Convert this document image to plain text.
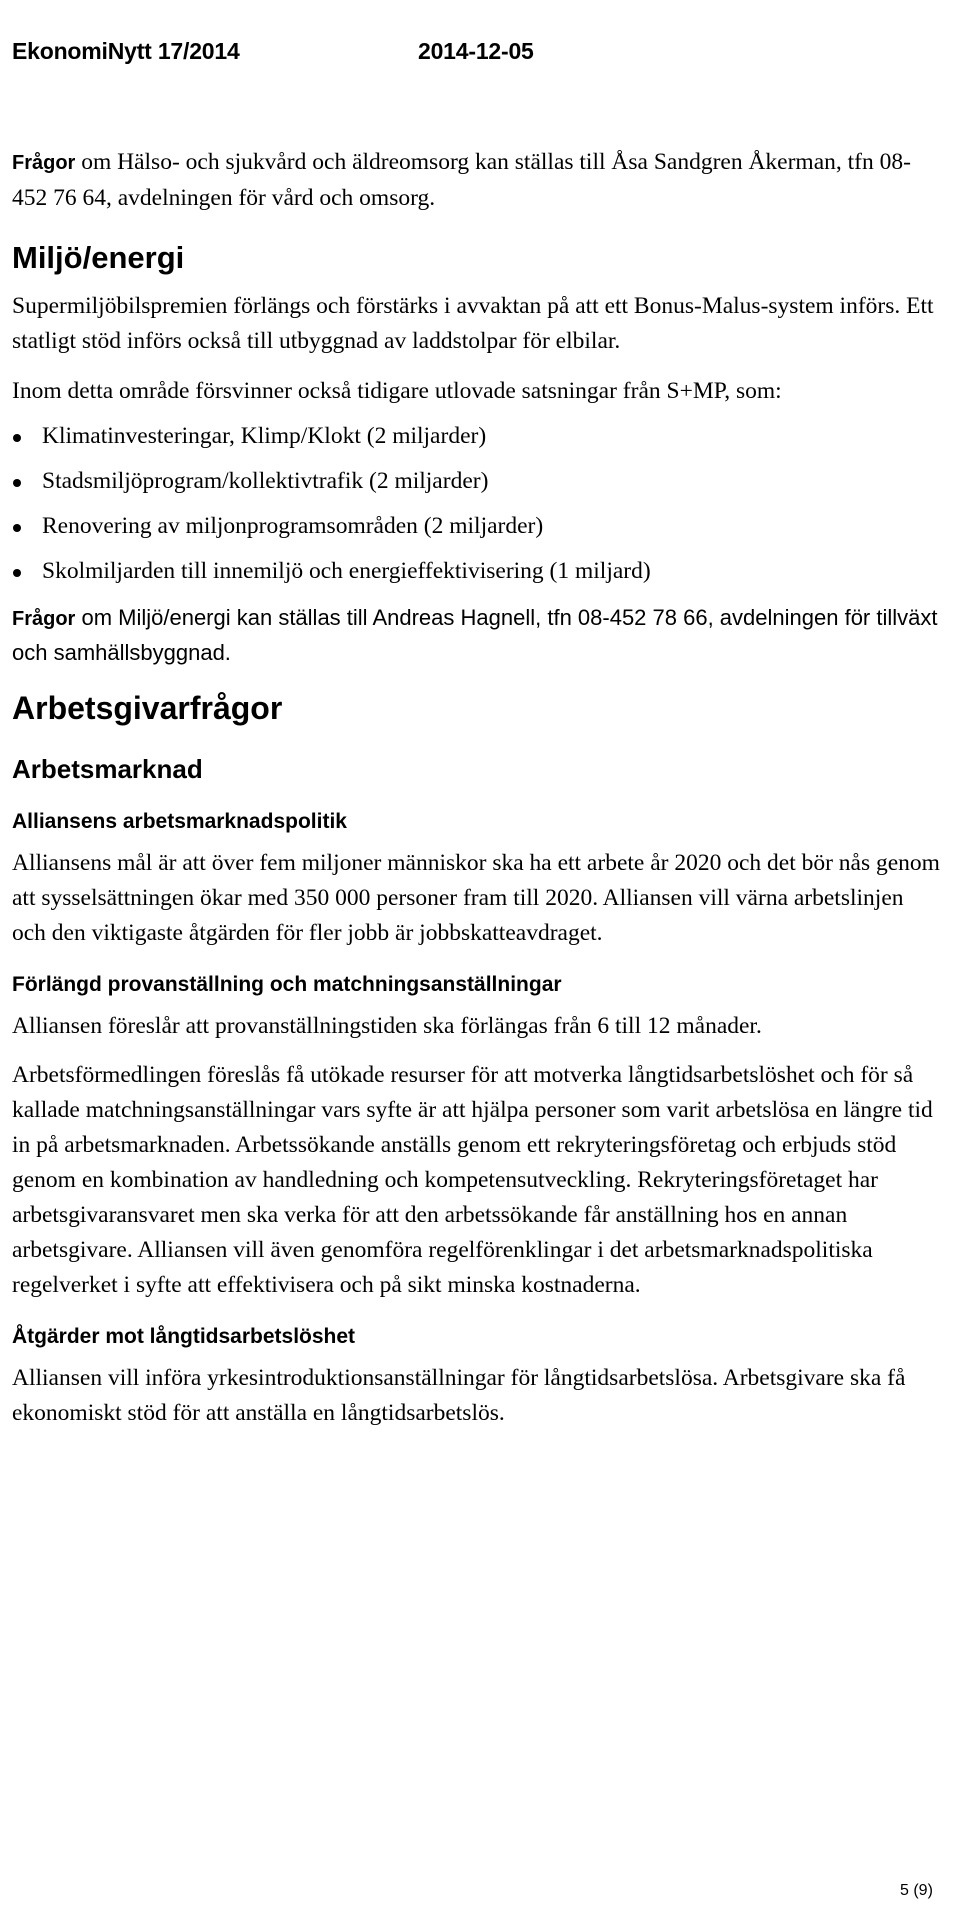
EkonomiNytt 17/2014	2014-12-05

Frågor om Hälso- och sjukvård och äldreomsorg kan ställas till Åsa Sandgren Åkerman, tfn 08-452 76 64, avdelningen för vård och omsorg.

Miljö/energi

Supermiljöbilspremien förlängs och förstärks i avvaktan på att ett Bonus-Malus-system införs. Ett statligt stöd införs också till utbyggnad av laddstolpar för elbilar.

Inom detta område försvinner också tidigare utlovade satsningar från S+MP, som:

Klimatinvesteringar, Klimp/Klokt (2 miljarder)
Stadsmiljöprogram/kollektivtrafik (2 miljarder)
Renovering av miljonprogramsområden (2 miljarder)
Skolmiljarden till innemiljö och energieffektivisering (1 miljard)

Frågor om Miljö/energi kan ställas till Andreas Hagnell, tfn 08-452 78 66, avdelningen för tillväxt och samhällsbyggnad.

Arbetsgivarfrågor
Arbetsmarknad
Alliansens arbetsmarknadspolitik

Alliansens mål är att över fem miljoner människor ska ha ett arbete år 2020 och det bör nås genom att sysselsättningen ökar med 350 000 personer fram till 2020. Alliansen vill värna arbetslinjen och den viktigaste åtgärden för fler jobb är jobbskatteavdraget.

Förlängd provanställning och matchningsanställningar

Alliansen föreslår att provanställningstiden ska förlängas från 6 till 12 månader.

Arbetsförmedlingen föreslås få utökade resurser för att motverka långtidsarbetslöshet och för så kallade matchningsanställningar vars syfte är att hjälpa personer som varit arbetslösa en längre tid in på arbetsmarknaden. Arbetssökande anställs genom ett rekryteringsföretag och erbjuds stöd genom en kombination av handledning och kompetensutveckling. Rekryteringsföretaget har arbetsgivaransvaret men ska verka för att den arbetssökande får anställning hos en annan arbetsgivare. Alliansen vill även genomföra regelförenklingar i det arbetsmarknadspolitiska regelverket i syfte att effektivisera och på sikt minska kostnaderna.

Åtgärder mot långtidsarbetslöshet

Alliansen vill införa yrkesintroduktionsanställningar för långtidsarbetslösa. Arbetsgivare ska få ekonomiskt stöd för att anställa en långtidsarbetslös.

5 (9)
